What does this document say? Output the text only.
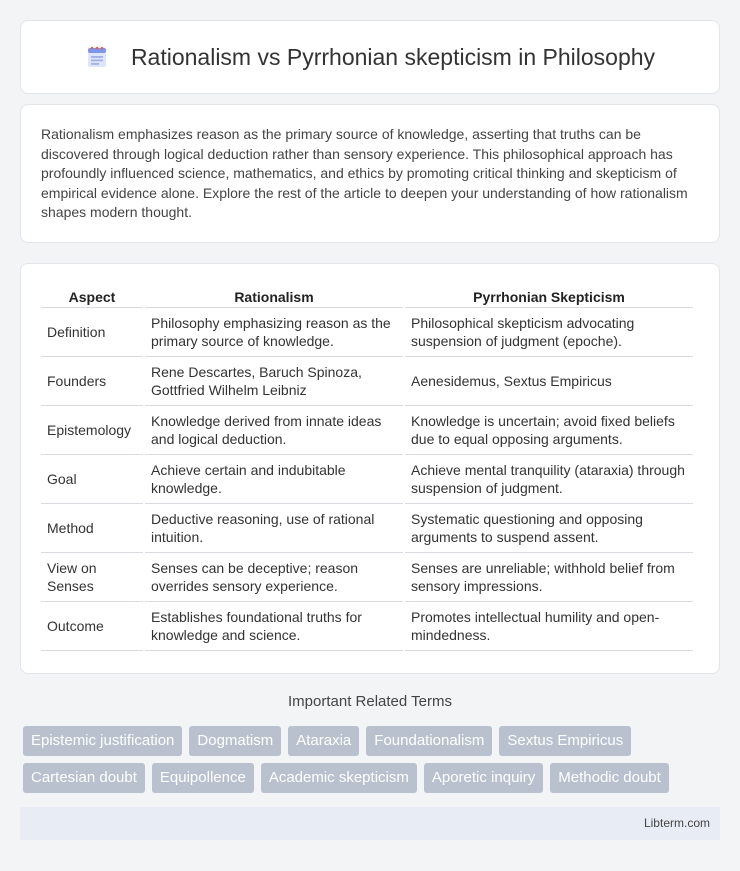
Rationalism vs Pyrrhonian skepticism in Philosophy

Rationalism emphasizes reason as the primary source of knowledge, asserting that truths can be discovered through logical deduction rather than sensory experience. This philosophical approach has profoundly influenced science, mathematics, and ethics by promoting critical thinking and skepticism of empirical evidence alone. Explore the rest of the article to deepen your understanding of how rationalism shapes modern thought.

Aspect	Rationalism	Pyrrhonian Skepticism
Definition	Philosophy emphasizing reason as the primary source of knowledge.	Philosophical skepticism advocating suspension of judgment (epoche).
Founders	Rene Descartes, Baruch Spinoza, Gottfried Wilhelm Leibniz	Aenesidemus, Sextus Empiricus
Epistemology	Knowledge derived from innate ideas and logical deduction.	Knowledge is uncertain; avoid fixed beliefs due to equal opposing arguments.
Goal	Achieve certain and indubitable knowledge.	Achieve mental tranquility (ataraxia) through suspension of judgment.
Method	Deductive reasoning, use of rational intuition.	Systematic questioning and opposing arguments to suspend assent.
View on Senses	Senses can be deceptive; reason overrides sensory experience.	Senses are unreliable; withhold belief from sensory impressions.
Outcome	Establishes foundational truths for knowledge and science.	Promotes intellectual humility and open-mindedness.
Important Related Terms
Epistemic justification	Dogmatism	Ataraxia	Foundationalism	Sextus Empiricus
Cartesian doubt	Equipollence	Academic skepticism	Aporetic inquiry	Methodic doubt
Libterm.com
